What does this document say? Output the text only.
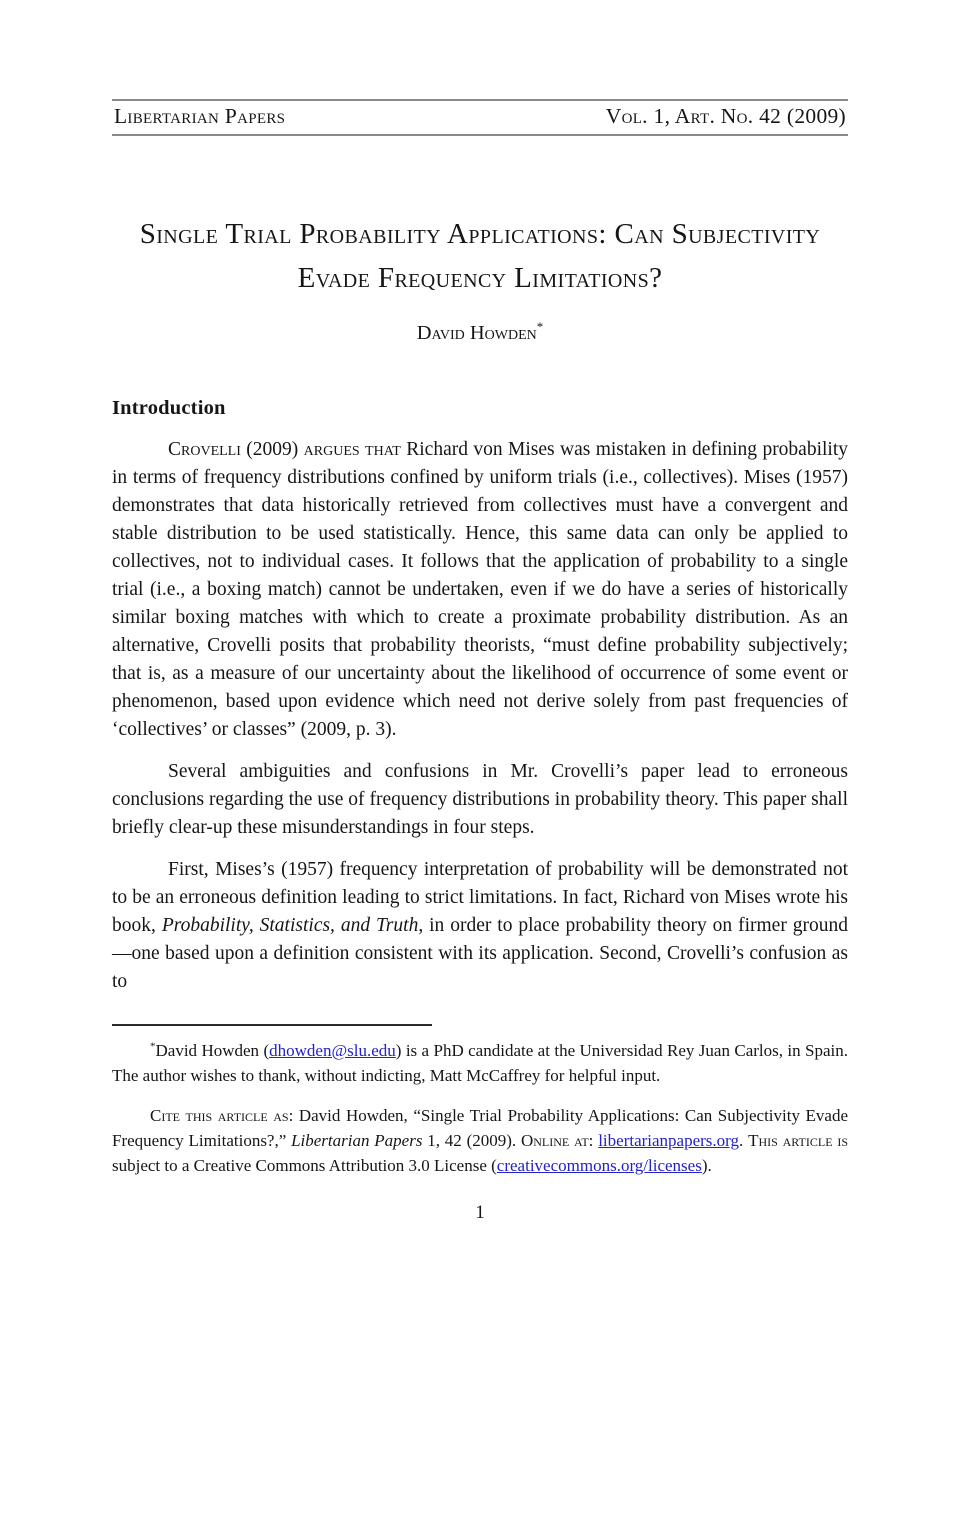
Libertarian Papers	Vol. 1, Art. No. 42 (2009)
Single Trial Probability Applications: Can Subjectivity Evade Frequency Limitations?
David Howden*
Introduction

Crovelli (2009) argues that Richard von Mises was mistaken in defining probability in terms of frequency distributions confined by uniform trials (i.e., collectives). Mises (1957) demonstrates that data historically retrieved from collectives must have a convergent and stable distribution to be used statistically. Hence, this same data can only be applied to collectives, not to individual cases. It follows that the application of probability to a single trial (i.e., a boxing match) cannot be undertaken, even if we do have a series of historically similar boxing matches with which to create a proximate probability distribution. As an alternative, Crovelli posits that probability theorists, “must define probability subjectively; that is, as a measure of our uncertainty about the likelihood of occurrence of some event or phenomenon, based upon evidence which need not derive solely from past frequencies of ‘collectives’ or classes” (2009, p. 3).

Several ambiguities and confusions in Mr. Crovelli’s paper lead to erroneous conclusions regarding the use of frequency distributions in probability theory. This paper shall briefly clear-up these misunderstandings in four steps.

First, Mises’s (1957) frequency interpretation of probability will be demonstrated not to be an erroneous definition leading to strict limitations. In fact, Richard von Mises wrote his book, Probability, Statistics, and Truth, in order to place probability theory on firmer ground—one based upon a definition consistent with its application. Second, Crovelli’s confusion as to

*David Howden (dhowden@slu.edu) is a PhD candidate at the Universidad Rey Juan Carlos, in Spain. The author wishes to thank, without indicting, Matt McCaffrey for helpful input.

Cite this article as: David Howden, “Single Trial Probability Applications: Can Subjectivity Evade Frequency Limitations?,” Libertarian Papers 1, 42 (2009). Online at: libertarianpapers.org. This article is subject to a Creative Commons Attribution 3.0 License (creativecommons.org/licenses).

1
